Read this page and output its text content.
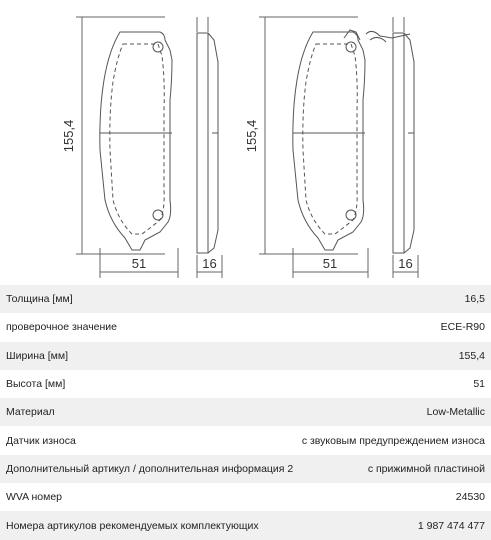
155,4
51	16
155,4
51	16
Толщина [мм]	16,5
проверочное значение	ECE-R90
Ширина [мм]	155,4
Высота [мм]	51
Материал	Low-Metallic
Датчик износа	с звуковым предупреждением износа
Дополнительный артикул / дополнительная информация 2	с прижимной пластиной
WVA номер	24530
Номера артикулов рекомендуемых комплектующих	1 987 474 477
